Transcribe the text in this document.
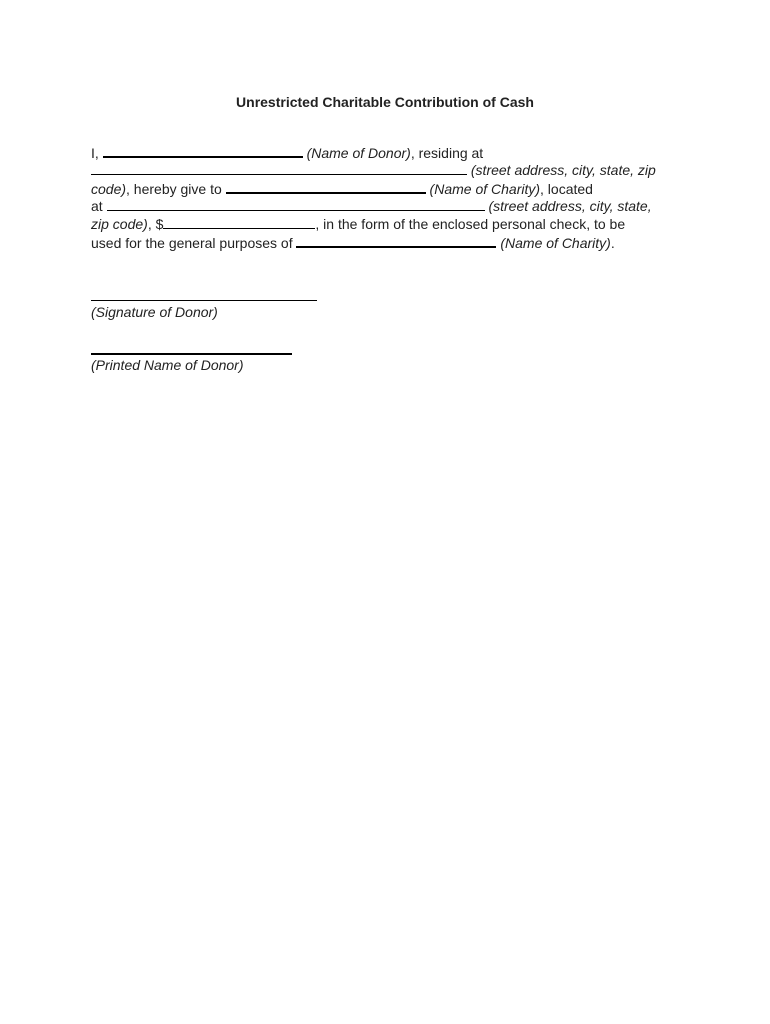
Unrestricted Charitable Contribution of Cash
I,	(Name of Donor), residing at
(street address, city, state, zip
code), hereby give to	(Name of Charity), located
at	(street address, city, state,
zip code), $	, in the form of the enclosed personal check, to be
used for the general purposes of	(Name of Charity).
(Signature of Donor)
(Printed Name of Donor)
